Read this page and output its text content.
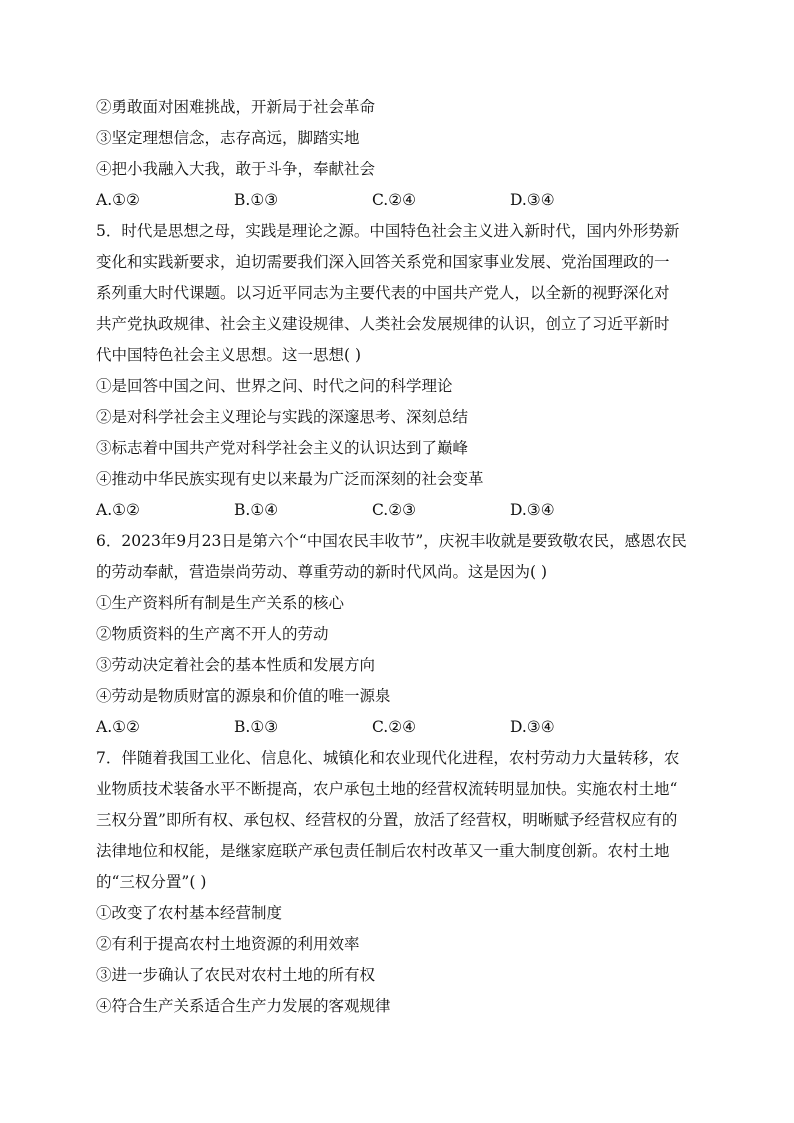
②勇敢面对困难挑战，开新局于社会革命
③坚定理想信念，志存高远，脚踏实地
④把小我融入大我，敢于斗争，奉献社会
A.①②	B.①③	C.②④	D.③④
5．时代是思想之母，实践是理论之源。中国特色社会主义进入新时代，国内外形势新
变化和实践新要求，迫切需要我们深入回答关系党和国家事业发展、党治国理政的一
系列重大时代课题。以习近平同志为主要代表的中国共产党人，以全新的视野深化对
共产党执政规律、社会主义建设规律、人类社会发展规律的认识，创立了习近平新时
代中国特色社会主义思想。这一思想( )
①是回答中国之问、世界之问、时代之问的科学理论
②是对科学社会主义理论与实践的深邃思考、深刻总结
③标志着中国共产党对科学社会主义的认识达到了巅峰
④推动中华民族实现有史以来最为广泛而深刻的社会变革
A.①②	B.①④	C.②③	D.③④
6．2023年9月23日是第六个“中国农民丰收节”，庆祝丰收就是要致敬农民，感恩农民
的劳动奉献，营造崇尚劳动、尊重劳动的新时代风尚。这是因为( )
①生产资料所有制是生产关系的核心
②物质资料的生产离不开人的劳动
③劳动决定着社会的基本性质和发展方向
④劳动是物质财富的源泉和价值的唯一源泉
A.①②	B.①③	C.②④	D.③④
7．伴随着我国工业化、信息化、城镇化和农业现代化进程，农村劳动力大量转移，农
业物质技术装备水平不断提高，农户承包土地的经营权流转明显加快。实施农村土地“
三权分置”即所有权、承包权、经营权的分置，放活了经营权，明晰赋予经营权应有的
法律地位和权能，是继家庭联产承包责任制后农村改革又一重大制度创新。农村土地
的“三权分置”( )
①改变了农村基本经营制度
②有利于提高农村土地资源的利用效率
③进一步确认了农民对农村土地的所有权
④符合生产关系适合生产力发展的客观规律
